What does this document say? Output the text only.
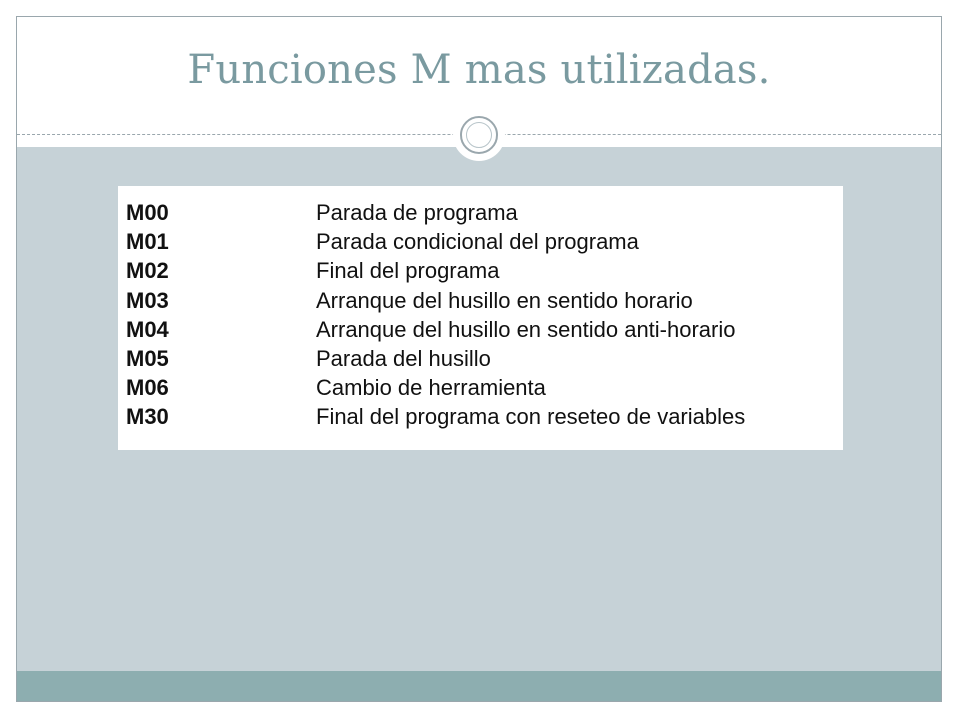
Funciones M mas utilizadas.
M00	Parada de programa
M01	Parada condicional del programa
M02	Final del programa
M03	Arranque del husillo en sentido horario
M04	Arranque del husillo en sentido anti-horario
M05	Parada del husillo
M06	Cambio de herramienta
M30	Final del programa con reseteo de variables
